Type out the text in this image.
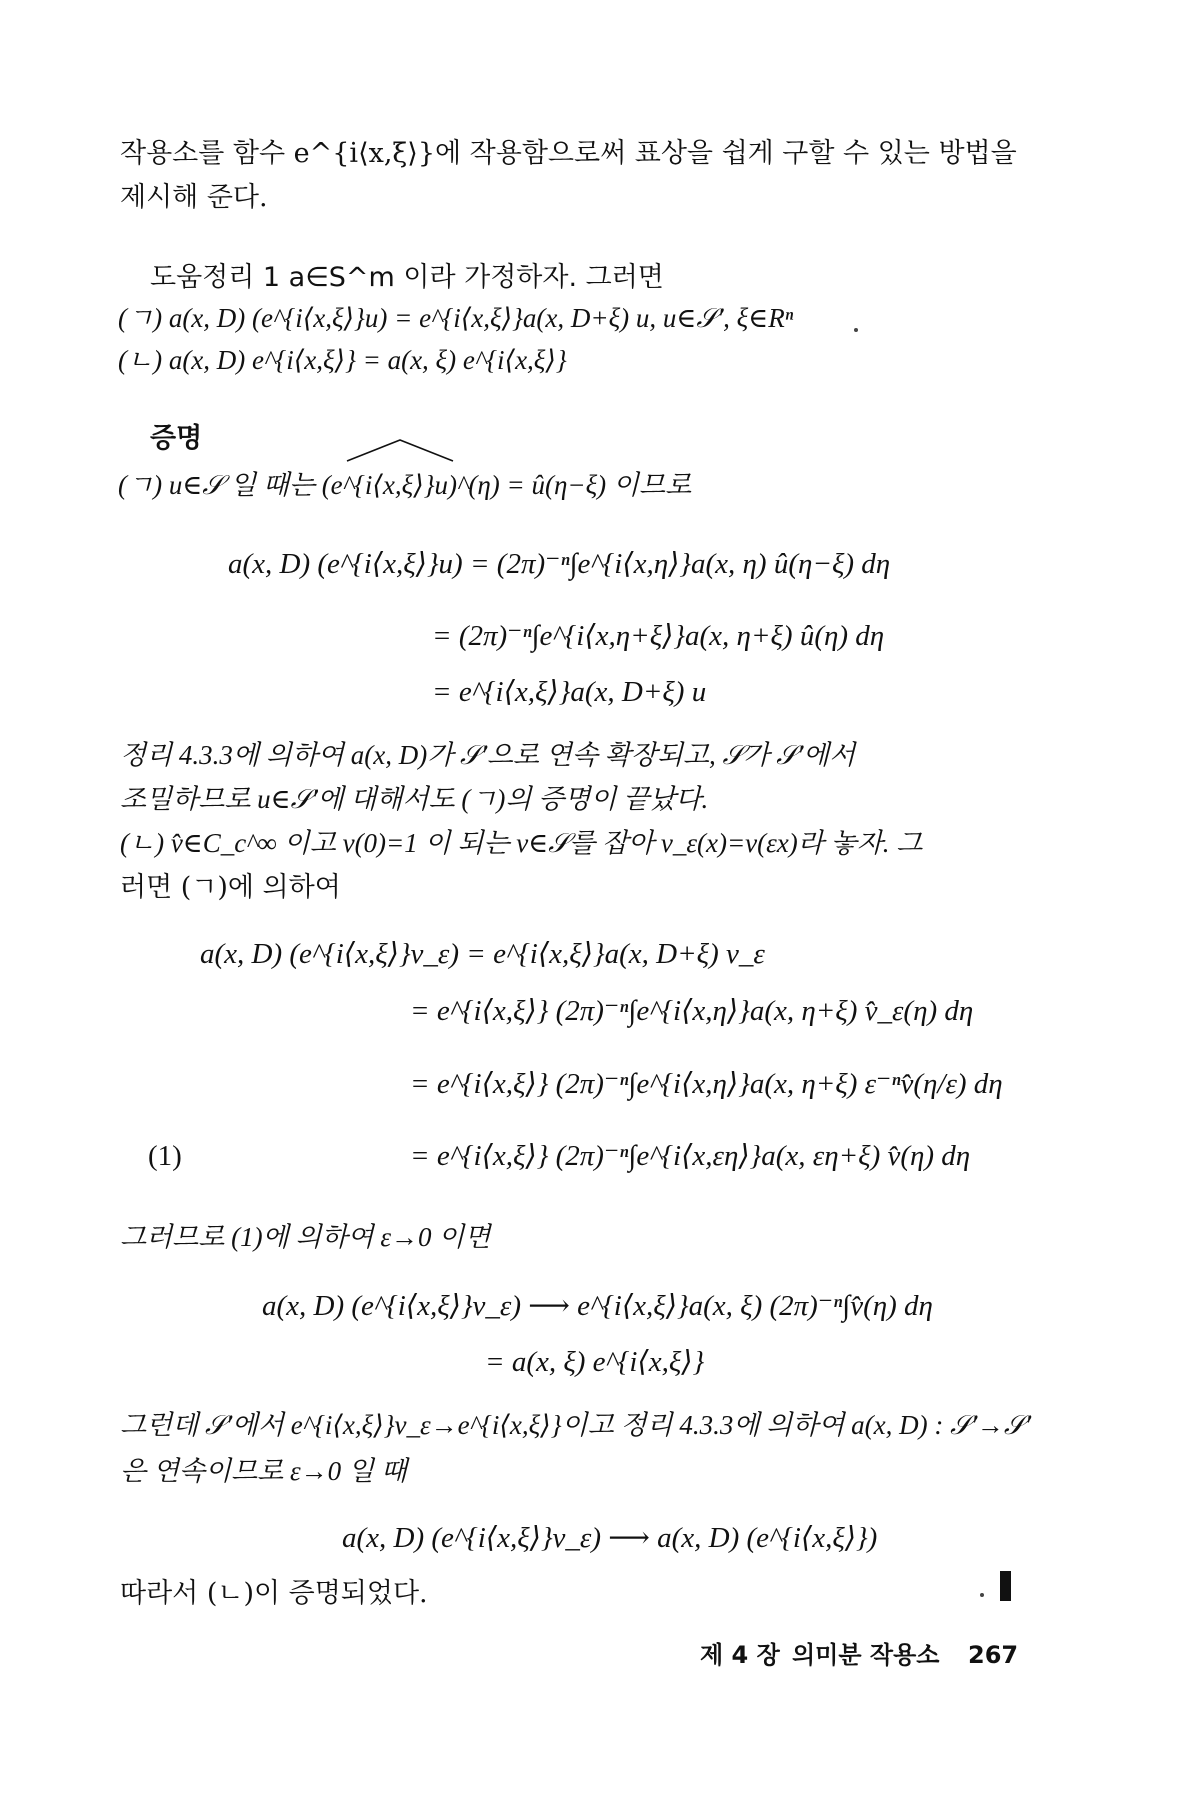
작용소를 함수 e^{i⟨x,ξ⟩}에 작용함으로써 표상을 쉽게 구할 수 있는 방법을
제시해 준다.
도움정리 1 a∈S^m 이라 가정하자. 그러면
(ㄱ) a(x, D) (e^{i⟨x,ξ⟩}u) = e^{i⟨x,ξ⟩}a(x, D+ξ) u, u∈𝒮′, ξ∈Rⁿ
(ㄴ) a(x, D) e^{i⟨x,ξ⟩} = a(x, ξ) e^{i⟨x,ξ⟩}
증명
(ㄱ) u∈𝒮 일 때는 (e^{i⟨x,ξ⟩}u)^(η) = û(η−ξ) 이므로
a(x, D) (e^{i⟨x,ξ⟩}u) = (2π)⁻ⁿ∫e^{i⟨x,η⟩}a(x, η) û(η−ξ) dη
= (2π)⁻ⁿ∫e^{i⟨x,η+ξ⟩}a(x, η+ξ) û(η) dη
= e^{i⟨x,ξ⟩}a(x, D+ξ) u
정리 4.3.3에 의하여 a(x, D)가 𝒮′으로 연속 확장되고, 𝒮가 𝒮′에서
조밀하므로 u∈𝒮′에 대해서도 (ㄱ)의 증명이 끝났다.
(ㄴ) v̂∈C_c^∞ 이고 v(0)=1 이 되는 v∈𝒮를 잡아 v_ε(x)=v(εx)라 놓자. 그
러면 (ㄱ)에 의하여
a(x, D) (e^{i⟨x,ξ⟩}v_ε) = e^{i⟨x,ξ⟩}a(x, D+ξ) v_ε
= e^{i⟨x,ξ⟩} (2π)⁻ⁿ∫e^{i⟨x,η⟩}a(x, η+ξ) v̂_ε(η) dη
= e^{i⟨x,ξ⟩} (2π)⁻ⁿ∫e^{i⟨x,η⟩}a(x, η+ξ) ε⁻ⁿv̂(η/ε) dη
(1)	= e^{i⟨x,ξ⟩} (2π)⁻ⁿ∫e^{i⟨x,εη⟩}a(x, εη+ξ) v̂(η) dη
그러므로 (1)에 의하여 ε→0 이면
a(x, D) (e^{i⟨x,ξ⟩}v_ε) ⟶ e^{i⟨x,ξ⟩}a(x, ξ) (2π)⁻ⁿ∫v̂(η) dη
= a(x, ξ) e^{i⟨x,ξ⟩}
그런데 𝒮′에서 e^{i⟨x,ξ⟩}v_ε→e^{i⟨x,ξ⟩}이고 정리 4.3.3에 의하여 a(x, D) : 𝒮′→𝒮′
은 연속이므로 ε→0 일 때
a(x, D) (e^{i⟨x,ξ⟩}v_ε) ⟶ a(x, D) (e^{i⟨x,ξ⟩})
따라서 (ㄴ)이 증명되었다.
제 4 장 의미분 작용소 267
